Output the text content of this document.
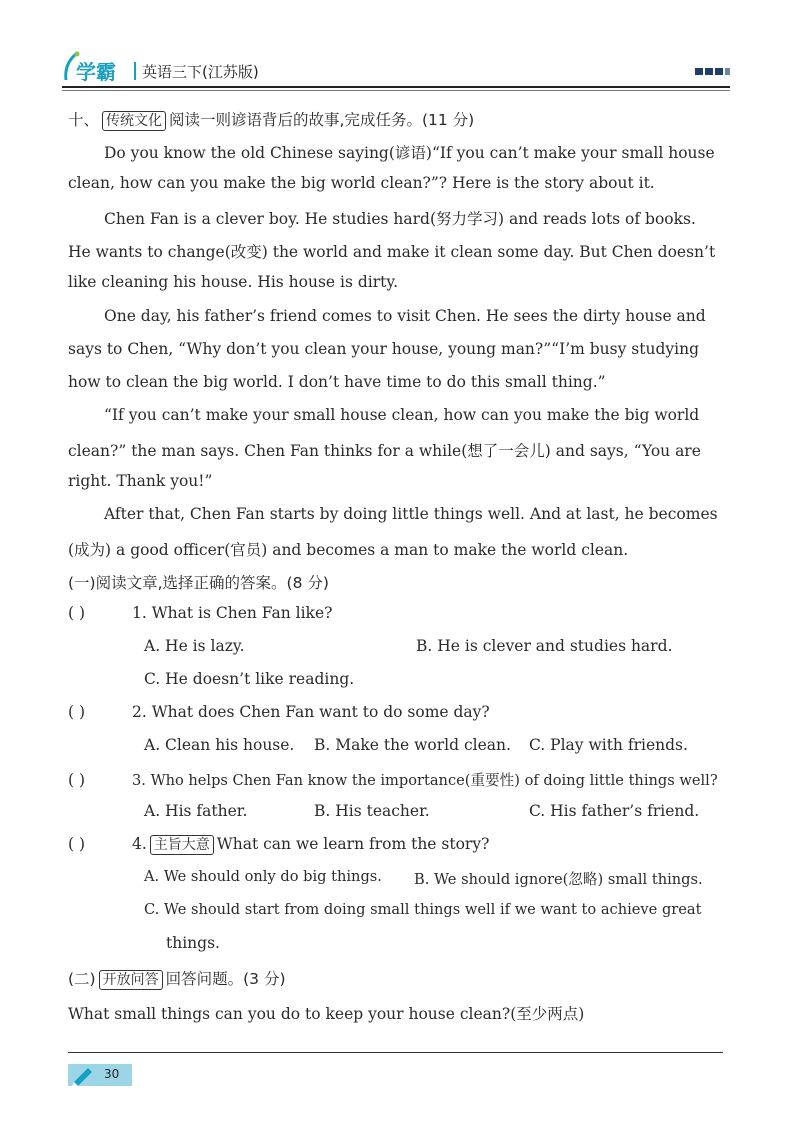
学霸 英语三下(江苏版)
十、 传统文化 阅读一则谚语背后的故事,完成任务。(11 分)
Do you know the old Chinese saying(谚语)“If you can’t make your small house
clean, how can you make the big world clean?”? Here is the story about it.
Chen Fan is a clever boy. He studies hard(努力学习) and reads lots of books.
He wants to change(改变) the world and make it clean some day. But Chen doesn’t
like cleaning his house. His house is dirty.
One day, his father’s friend comes to visit Chen. He sees the dirty house and
says to Chen, “Why don’t you clean your house, young man?”“I’m busy studying
how to clean the big world. I don’t have time to do this small thing.”
“If you can’t make your small house clean, how can you make the big world
clean?” the man says. Chen Fan thinks for a while(想了一会儿) and says, “You are
right. Thank you!”
After that, Chen Fan starts by doing little things well. And at last, he becomes
(成为) a good officer(官员) and becomes a man to make the world clean.
(一)阅读文章,选择正确的答案。(8 分)
( )	1. What is Chen Fan like?
A. He is lazy.	B. He is clever and studies hard.
C. He doesn’t like reading.
( )	2. What does Chen Fan want to do some day?
A. Clean his house. B. Make the world clean. C. Play with friends.
( )	3. Who helps Chen Fan know the importance(重要性) of doing little things well?
A. His father.	B. His teacher.	C. His father’s friend.
( )	4. 主旨大意 What can we learn from the story?
A. We should only do big things. B. We should ignore(忽略) small things.
C. We should start from doing small things well if we want to achieve great
things.
(二) 开放问答 回答问题。(3 分)
What small things can you do to keep your house clean?(至少两点)
30
